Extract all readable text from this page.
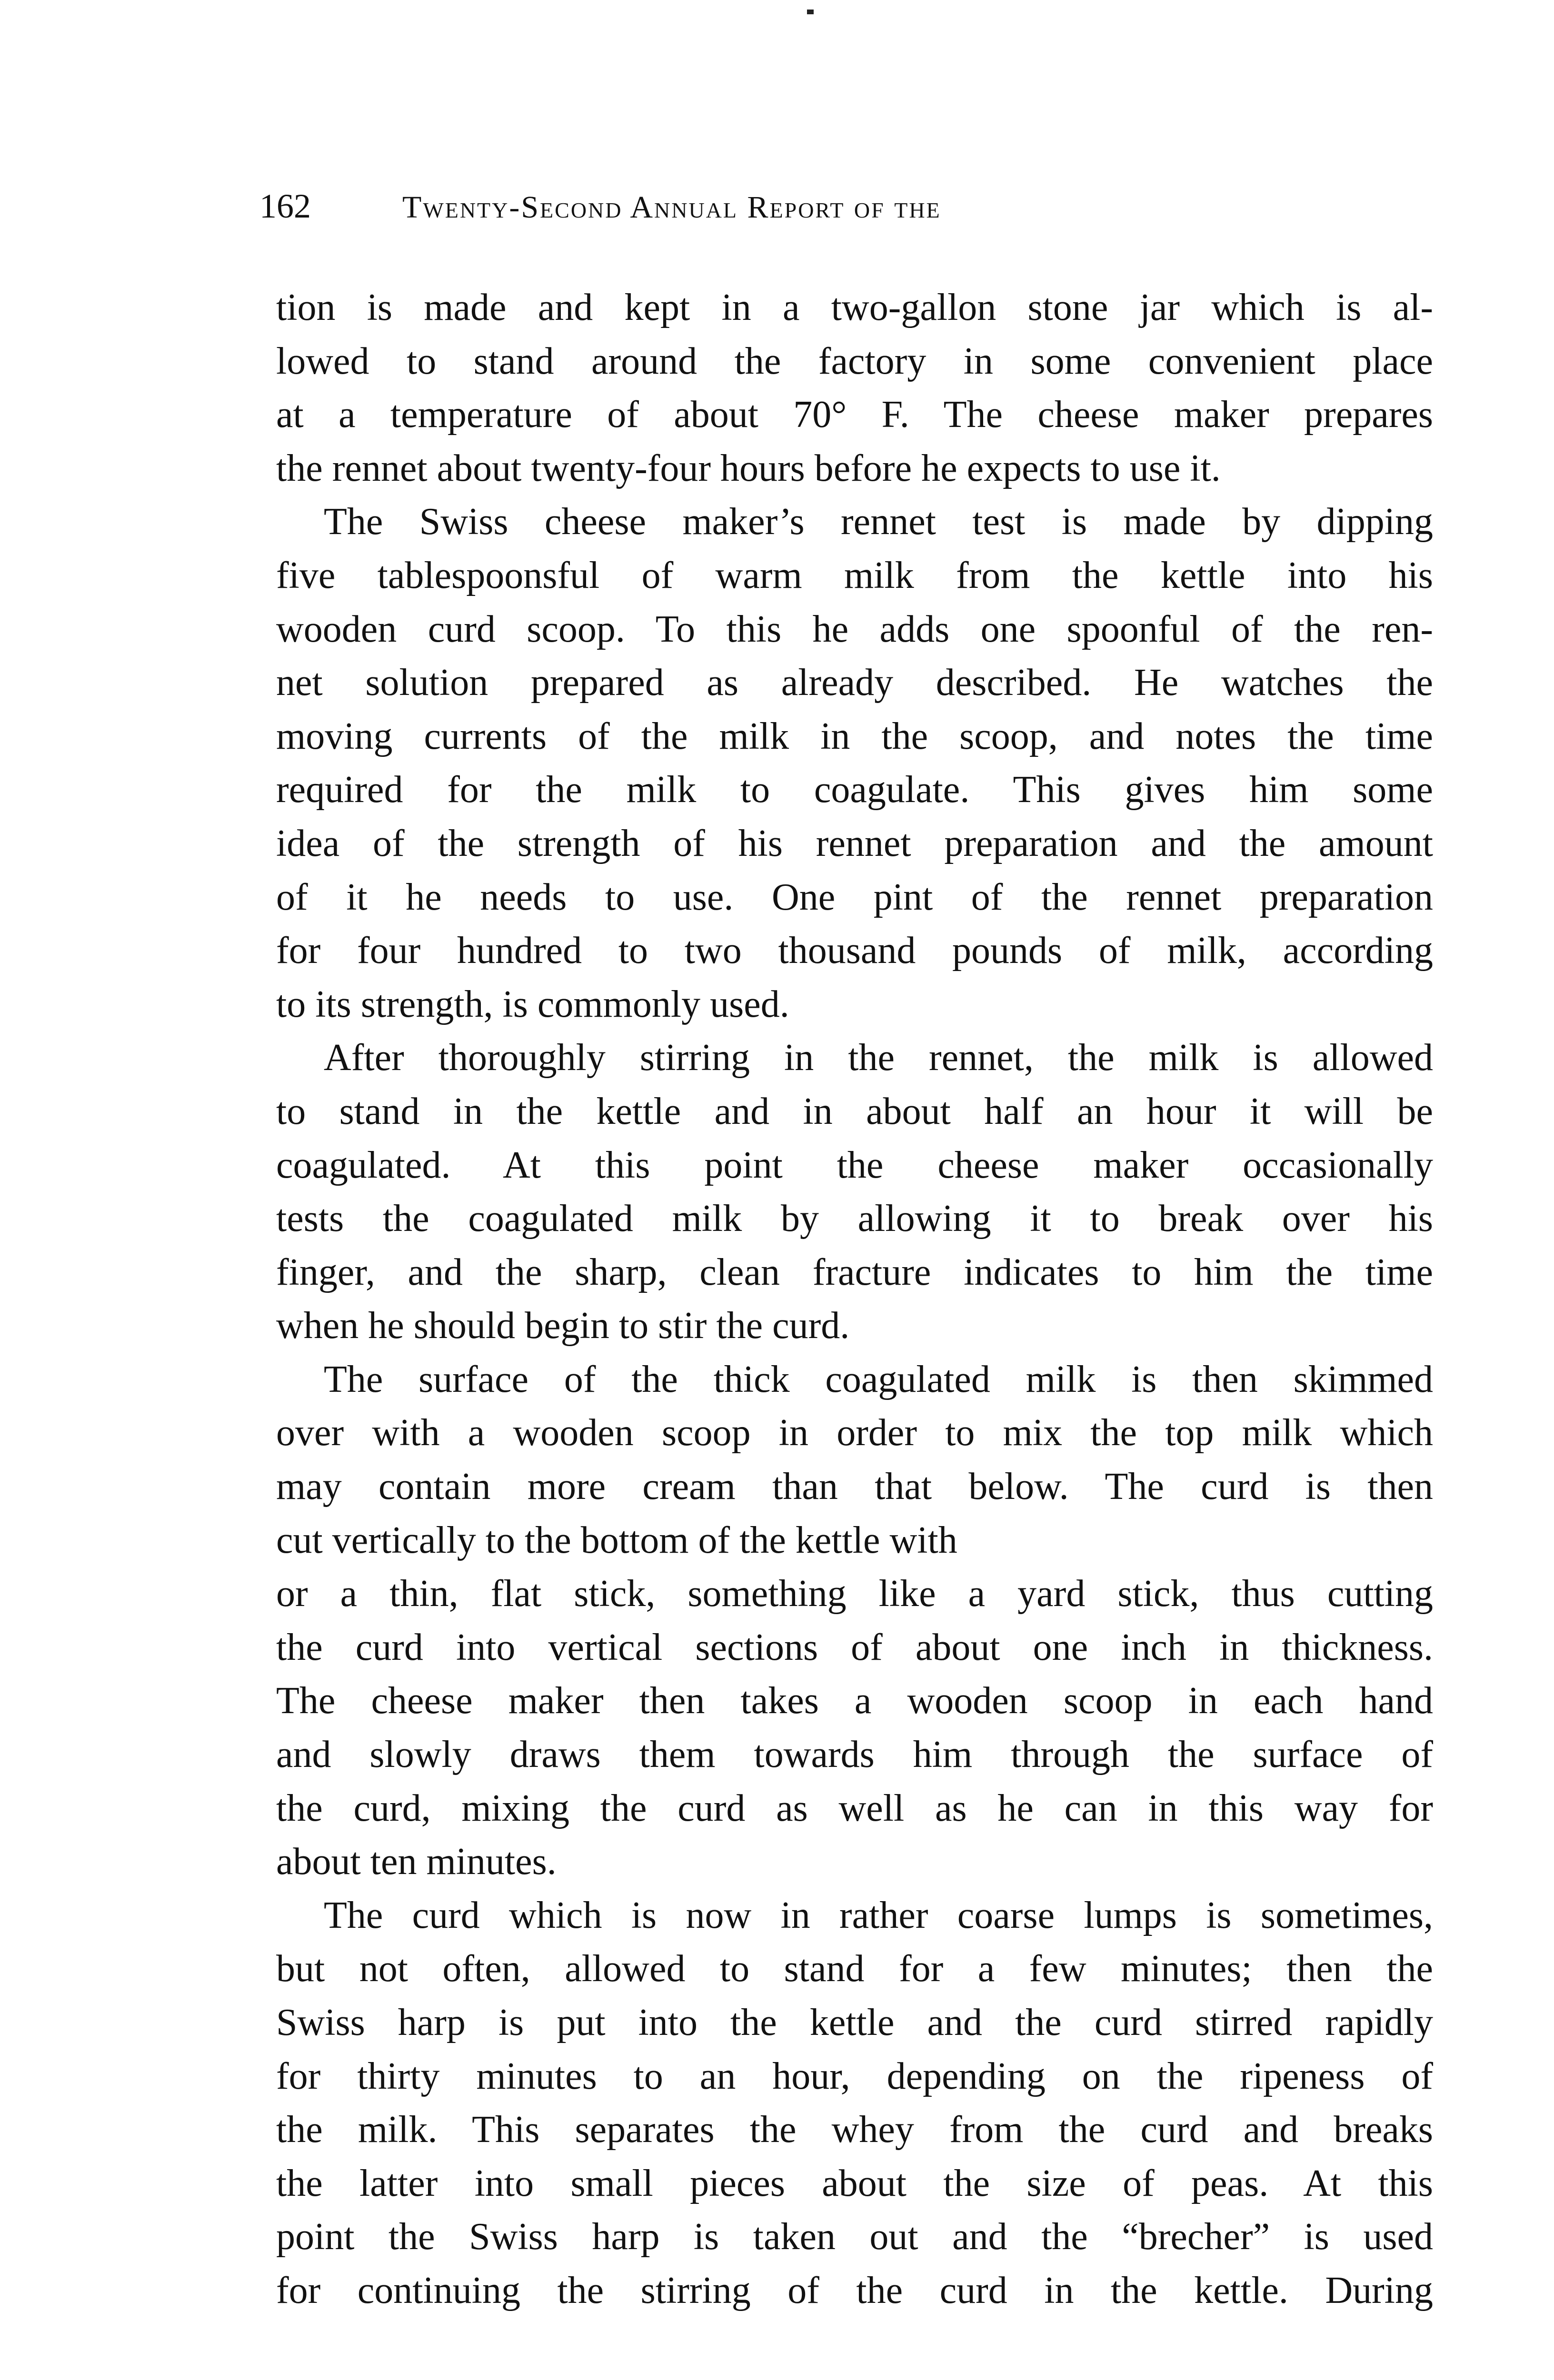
162	Twenty-Second Annual Report of the
tion is made and kept in a two-gallon stone jar which is al-
lowed to stand around the factory in some convenient place
at a temperature of about 70° F. The cheese maker prepares
the rennet about twenty-four hours before he expects to use it.
The Swiss cheese maker’s rennet test is made by dipping
five tablespoonsful of warm milk from the kettle into his
wooden curd scoop. To this he adds one spoonful of the ren-
net solution prepared as already described. He watches the
moving currents of the milk in the scoop, and notes the time
required for the milk to coagulate. This gives him some
idea of the strength of his rennet preparation and the amount
of it he needs to use. One pint of the rennet preparation
for four hundred to two thousand pounds of milk, according
to its strength, is commonly used.
After thoroughly stirring in the rennet, the milk is allowed
to stand in the kettle and in about half an hour it will be
coagulated. At this point the cheese maker occasionally
tests the coagulated milk by allowing it to break over his
finger, and the sharp, clean fracture indicates to him the time
when he should begin to stir the curd.
The surface of the thick coagulated milk is then skimmed
over with a wooden scoop in order to mix the top milk which
may contain more cream than that below. The curd is then
cut vertically to the bottom of the kettle with
or a thin, flat stick, something like a yard stick, thus cutting
the curd into vertical sections of about one inch in thickness.
The cheese maker then takes a wooden scoop in each hand
and slowly draws them towards him through the surface of
the curd, mixing the curd as well as he can in this way for
about ten minutes.
The curd which is now in rather coarse lumps is sometimes,
but not often, allowed to stand for a few minutes; then the
Swiss harp is put into the kettle and the curd stirred rapidly
for thirty minutes to an hour, depending on the ripeness of
the milk. This separates the whey from the curd and breaks
the latter into small pieces about the size of peas. At this
point the Swiss harp is taken out and the “brecher” is used
for continuing the stirring of the curd in the kettle. During
